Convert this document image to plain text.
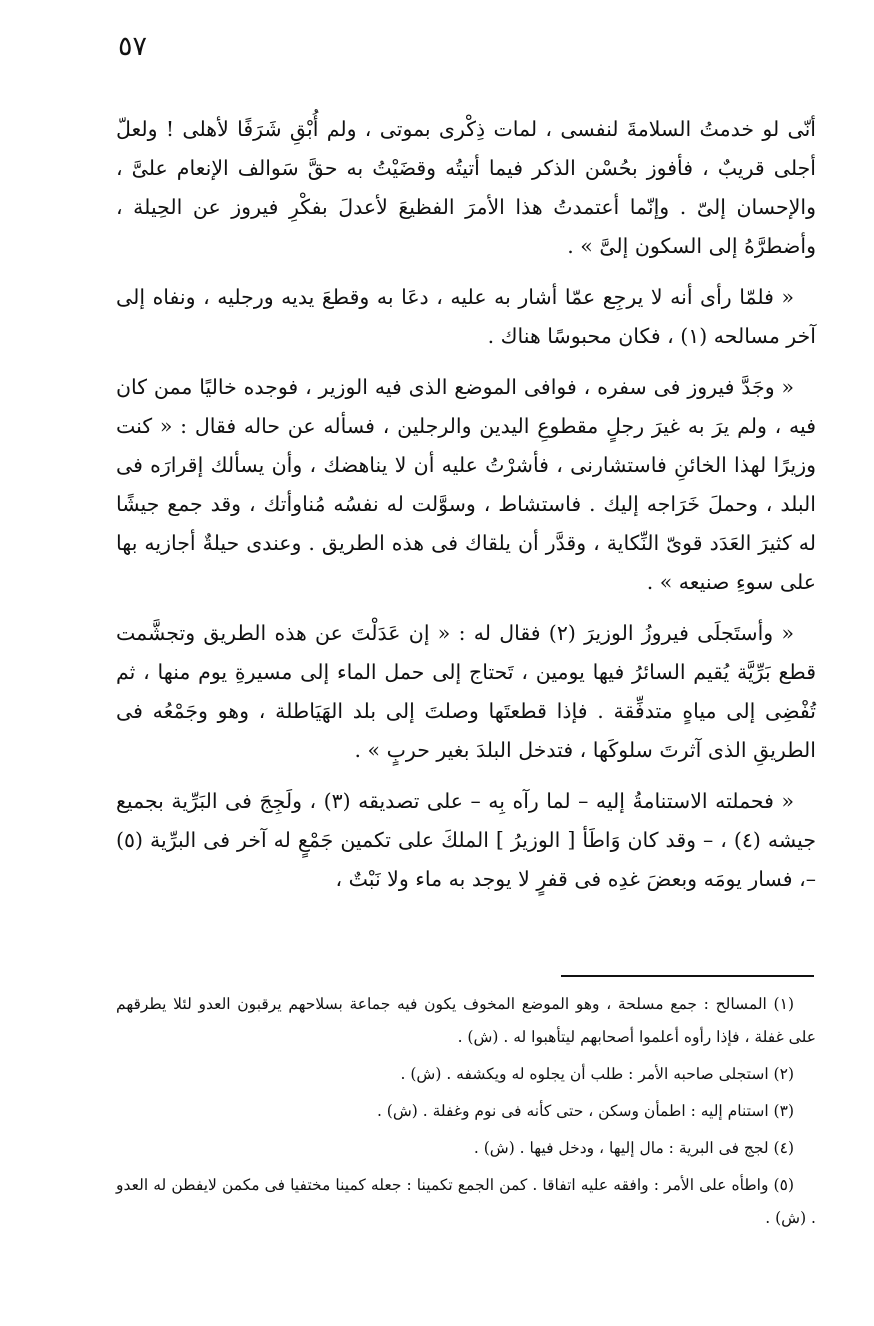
٥٧

أنّى لو خدمتُ السلامةَ لنفسى ، لمات ذِكْرى بموتى ، ولم أُبْقِ شَرَفًا لأهلى ! ولعلّ أجلى قريبٌ ، فأفوز بحُسْن الذكر فيما أتيتُه وقضَيْتُ به حقَّ سَوالف الإنعام علىَّ ، والإحسان إلىّ . وإنّما أعتمدتُ هذا الأمرَ الفظيعَ لأعدلَ بفكْرِ فيروز عن الحِيلة ، وأضطرَّهُ إلى السكون إلىَّ » .

« فلمّا رأى أنه لا يرجِع عمّا أشار به عليه ، دعَا به وقطعَ يديه ورجليه ، ونفاه إلى آخر مسالحه (١) ، فكان محبوسًا هناك .

« وجَدَّ فيروز فى سفره ، فوافى الموضع الذى فيه الوزير ، فوجده خاليًا ممن كان فيه ، ولم يرَ به غيرَ رجلٍ مقطوعِ اليدين والرجلين ، فسأله عن حاله فقال : « كنت وزيرًا لهذا الخائنِ فاستشارنى ، فأشرْتُ عليه أن لا يناهضك ، وأن يسألك إقرارَه فى البلد ، وحملَ خَرَاجه إليك . فاستشاط ، وسوَّلت له نفسُه مُناوأتك ، وقد جمع جيشًا له كثيرَ العَدَد قوىّ النِّكاية ، وقدَّر أن يلقاك فى هذه الطريق . وعندى حيلةٌ أجازيه بها على سوءِ صنيعه » .

« وأستَجلَى فيروزُ الوزيرَ (٢) فقال له : « إن عَدَلْتَ عن هذه الطريق وتجشَّمت قطع بَرِّيَّة يُقيم السائرُ فيها يومين ، تَحتاج إلى حمل الماء إلى مسيرةِ يوم منها ، ثم تُفْضِى إلى مياهٍ متدفِّقة . فإذا قطعتَها وصلتَ إلى بلد الهَيَاطلة ، وهو وجَمْعُه فى الطريقِ الذى آثرتَ سلوكَها ، فتدخل البلدَ بغير حربٍ » .

« فحملته الاستنامةُ إليه – لما رآه بِه – على تصديقه (٣) ، ولَجِجَ فى البَرِّية بجميع جيشه (٤) ، – وقد كان وَاطَأ [ الوزيرُ ] الملكَ على تكمين جَمْعٍ له آخر فى البرِّية (٥) –، فسار يومَه وبعضَ غدِه فى قفرٍ لا يوجد به ماء ولا نَبْتٌ ،

(١) المسالح : جمع مسلحة ، وهو الموضع المخوف يكون فيه جماعة بسلاحهم يرقبون العدو لئلا يطرقهم على غفلة ، فإذا رأوه أعلموا أصحابهم ليتأهبوا له . (ش) .

(٢) استجلى صاحبه الأمر : طلب أن يجلوه له ويكشفه . (ش) .

(٣) استنام إليه : اطمأن وسكن ، حتى كأنه فى نوم وغفلة . (ش) .

(٤) لجج فى البرية : مال إليها ، ودخل فيها . (ش) .

(٥) واطأه على الأمر : وافقه عليه اتفاقا . كمن الجمع تكمينا : جعله كمينا مختفيا فى مكمن لايفطن له العدو . (ش) .
